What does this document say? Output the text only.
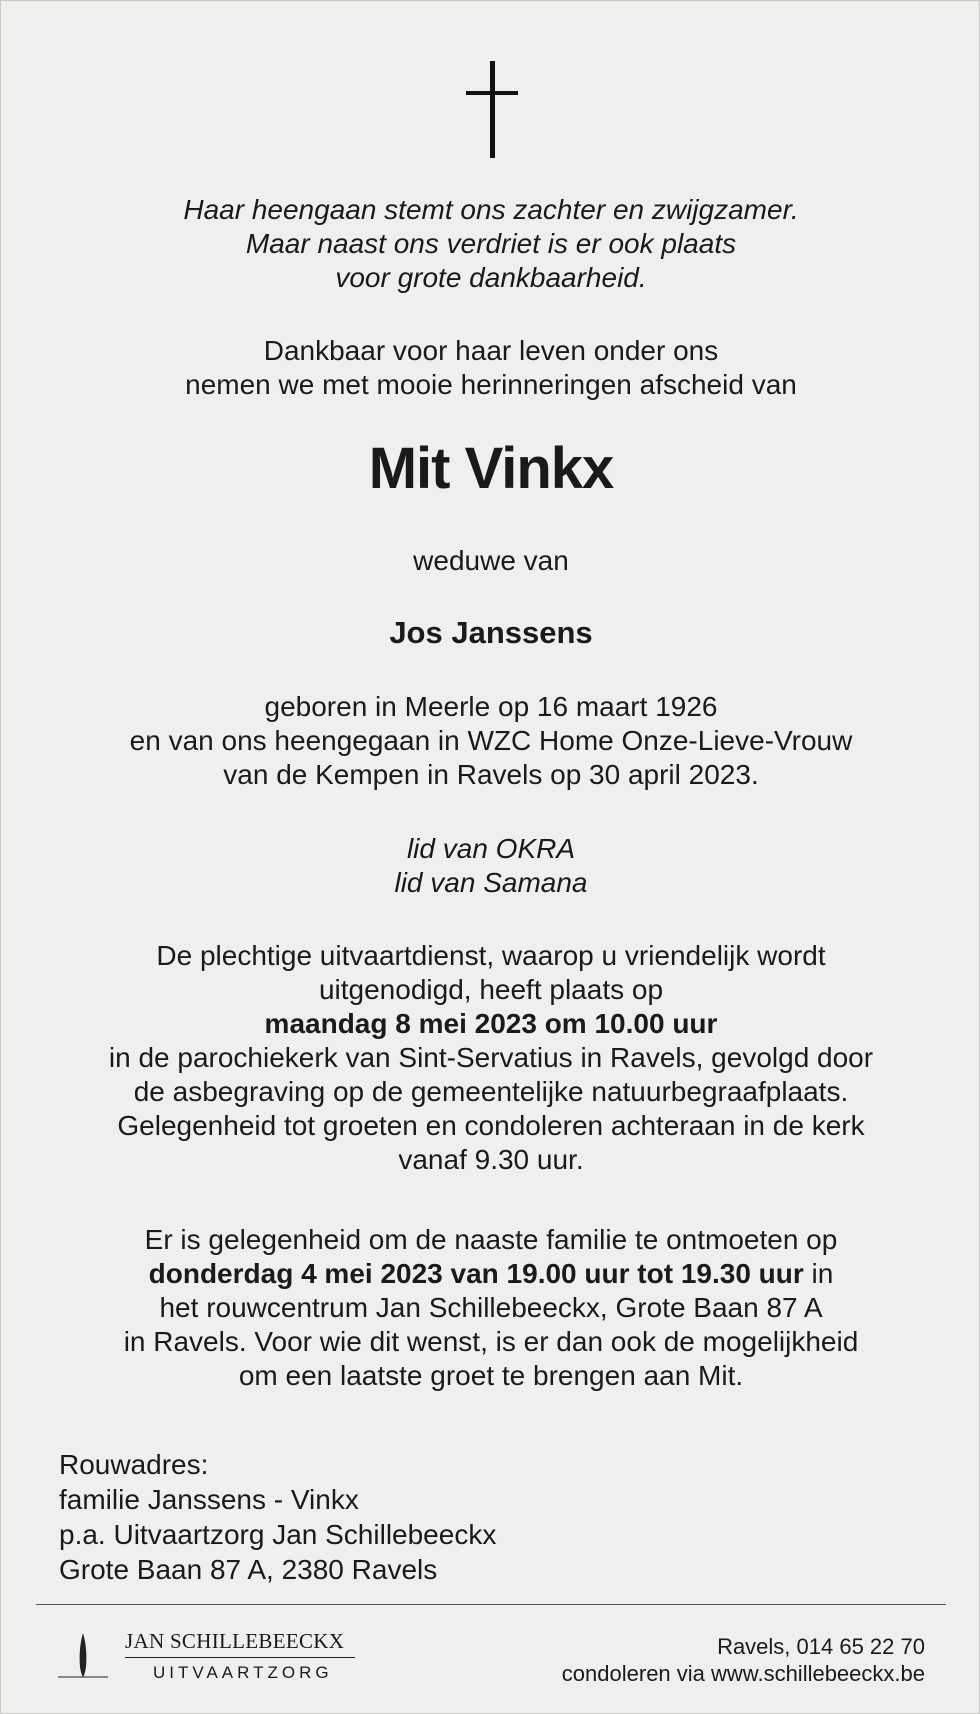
Haar heengaan stemt ons zachter en zwijgzamer.
Maar naast ons verdriet is er ook plaats
voor grote dankbaarheid.
Dankbaar voor haar leven onder ons
nemen we met mooie herinneringen afscheid van
Mit Vinkx
weduwe van
Jos Janssens
geboren in Meerle op 16 maart 1926
en van ons heengegaan in WZC Home Onze-Lieve-Vrouw
van de Kempen in Ravels op 30 april 2023.
lid van OKRA
lid van Samana
De plechtige uitvaartdienst, waarop u vriendelijk wordt
uitgenodigd, heeft plaats op
maandag 8 mei 2023 om 10.00 uur
in de parochiekerk van Sint-Servatius in Ravels, gevolgd door
de asbegraving op de gemeentelijke natuurbegraafplaats.
Gelegenheid tot groeten en condoleren achteraan in de kerk
vanaf 9.30 uur.
Er is gelegenheid om de naaste familie te ontmoeten op
donderdag 4 mei 2023 van 19.00 uur tot 19.30 uur in
het rouwcentrum Jan Schillebeeckx, Grote Baan 87 A
in Ravels. Voor wie dit wenst, is er dan ook de mogelijkheid
om een laatste groet te brengen aan Mit.
Rouwadres:
familie Janssens - Vinkx
p.a. Uitvaartzorg Jan Schillebeeckx
Grote Baan 87 A, 2380 Ravels
JAN SCHILLEBEECKX
UITVAARTZORG
Ravels, 014 65 22 70
condoleren via www.schillebeeckx.be
